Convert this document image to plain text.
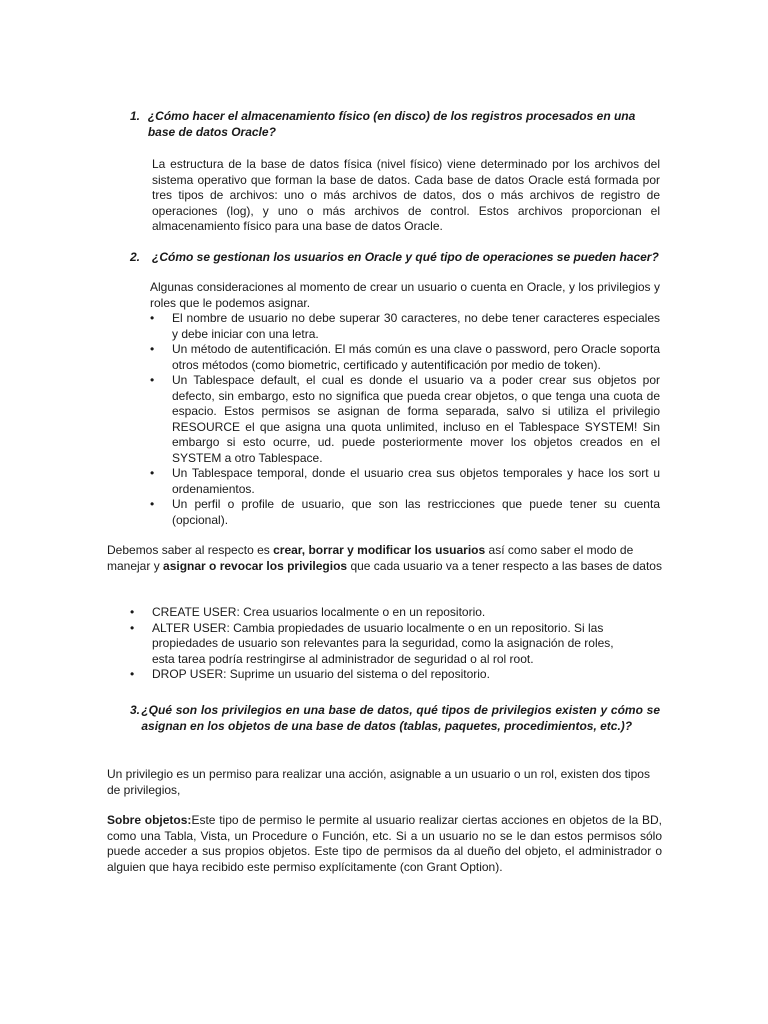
1. ¿Cómo hacer el almacenamiento físico (en disco) de los registros procesados en una base de datos Oracle?
La estructura de la base de datos física (nivel físico) viene determinado por los archivos del sistema operativo que forman la base de datos. Cada base de datos Oracle está formada por tres tipos de archivos: uno o más archivos de datos, dos o más archivos de registro de operaciones (log), y uno o más archivos de control. Estos archivos proporcionan el almacenamiento físico para una base de datos Oracle.
2. ¿Cómo se gestionan los usuarios en Oracle y qué tipo de operaciones se pueden hacer?
Algunas consideraciones al momento de crear un usuario o cuenta en Oracle, y los privilegios y roles que le podemos asignar.
• El nombre de usuario no debe superar 30 caracteres, no debe tener caracteres especiales y debe iniciar con una letra.
• Un método de autentificación. El más común es una clave o password, pero Oracle soporta otros métodos (como biometric, certificado y autentificación por medio de token).
• Un Tablespace default, el cual es donde el usuario va a poder crear sus objetos por defecto, sin embargo, esto no significa que pueda crear objetos, o que tenga una cuota de espacio. Estos permisos se asignan de forma separada, salvo si utiliza el privilegio RESOURCE el que asigna una quota unlimited, incluso en el Tablespace SYSTEM! Sin embargo si esto ocurre, ud. puede posteriormente mover los objetos creados en el SYSTEM a otro Tablespace.
• Un Tablespace temporal, donde el usuario crea sus objetos temporales y hace los sort u ordenamientos.
• Un perfil o profile de usuario, que son las restricciones que puede tener su cuenta (opcional).
Debemos saber al respecto es crear, borrar y modificar los usuarios así como saber el modo de manejar y asignar o revocar los privilegios que cada usuario va a tener respecto a las bases de datos
• CREATE USER: Crea usuarios localmente o en un repositorio.
• ALTER USER: Cambia propiedades de usuario localmente o en un repositorio. Si las propiedades de usuario son relevantes para la seguridad, como la asignación de roles, esta tarea podría restringirse al administrador de seguridad o al rol root.
• DROP USER: Suprime un usuario del sistema o del repositorio.
3. ¿Qué son los privilegios en una base de datos, qué tipos de privilegios existen y cómo se asignan en los objetos de una base de datos (tablas, paquetes, procedimientos, etc.)?
Un privilegio es un permiso para realizar una acción, asignable a un usuario o un rol, existen dos tipos de privilegios,
Sobre objetos:Este tipo de permiso le permite al usuario realizar ciertas acciones en objetos de la BD, como una Tabla, Vista, un Procedure o Función, etc. Si a un usuario no se le dan estos permisos sólo puede acceder a sus propios objetos. Este tipo de permisos da al dueño del objeto, el administrador o alguien que haya recibido este permiso explícitamente (con Grant Option).
